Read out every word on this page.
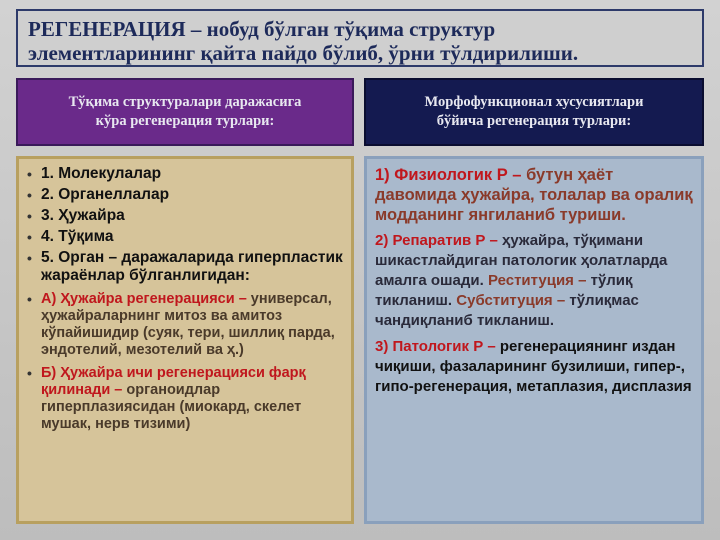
РЕГЕНЕРАЦИЯ – нобуд бўлган тўқима структур
элементларининг қайта пайдо бўлиб, ўрни тўлдирилиши.
Тўқима структуралари даражасига
кўра регенерация турлари:
Морфофункционал хусусиятлари
бўйича регенерация турлари:
• 1. Молекулалар
• 2. Органеллалар
• 3. Ҳужайра
• 4. Тўқима
• 5. Орган – даражаларида гиперпластик жараёнлар бўлганлигидан:
• А) Ҳужайра регенерацияси – универсал, ҳужайраларнинг митоз ва амитоз кўпайишидир (суяк, тери, шиллиқ парда, эндотелий, мезотелий ва ҳ.)
• Б) Ҳужайра ичи регенерацияси фарқ қилинади – органоидлар гиперплазиясидан (миокард, скелет мушак, нерв тизими)
1) Физиологик Р – бутун ҳаёт давомида ҳужайра, толалар ва оралиқ модданинг янгиланиб туриши.
2) Репаратив Р – ҳужайра, тўқимани шикастлайдиган патологик ҳолатларда амалга ошади. Реституция – тўлиқ тикланиш. Субституция – тўлиқмас чандиқланиб тикланиш.
3) Патологик Р – регенерациянинг издан чиқиши, фазаларининг бузилиши, гипер-, гипо-регенерация, метаплазия, дисплазия
